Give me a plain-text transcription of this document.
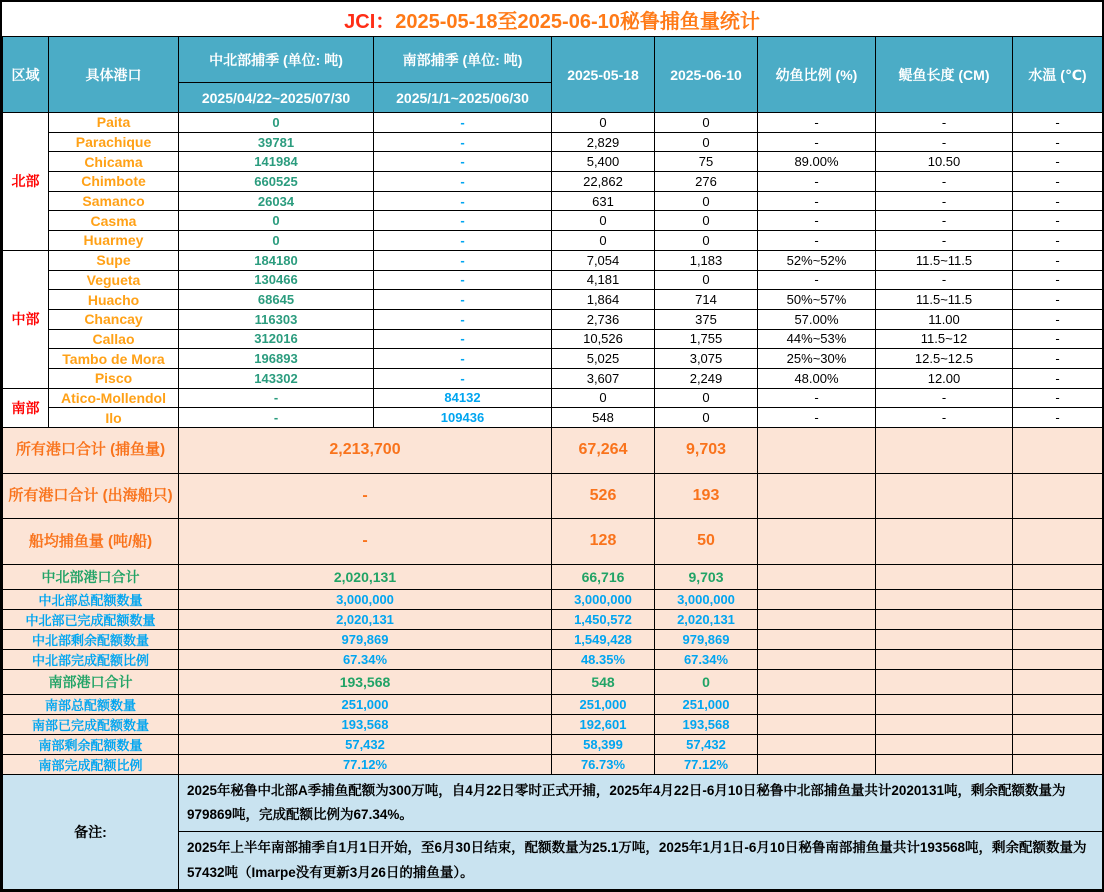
JCI： 2025-05-18至2025-06-10秘鲁捕鱼量统计
区域	具体港口	中北部捕季 (单位: 吨)	南部捕季 (单位: 吨)	2025-05-18	2025-06-10	幼鱼比例 (%)	鳀鱼长度 (CM)	水温 (℃)
		2025/04/22~2025/07/30	2025/1/1~2025/06/30					
北部	Paita	0	-	0	0	-	-	-
	Parachique	39781	-	2,829	0	-	-	-
	Chicama	141984	-	5,400	75	89.00%	10.50	-
	Chimbote	660525	-	22,862	276	-	-	-
	Samanco	26034	-	631	0	-	-	-
	Casma	0	-	0	0	-	-	-
	Huarmey	0	-	0	0	-	-	-
中部	Supe	184180	-	7,054	1,183	52%~52%	11.5~11.5	-
	Vegueta	130466	-	4,181	0	-	-	-
	Huacho	68645	-	1,864	714	50%~57%	11.5~11.5	-
	Chancay	116303	-	2,736	375	57.00%	11.00	-
	Callao	312016	-	10,526	1,755	44%~53%	11.5~12	-
	Tambo de Mora	196893	-	5,025	3,075	25%~30%	12.5~12.5	-
	Pisco	143302	-	3,607	2,249	48.00%	12.00	-
南部	Atico-Mollendol	-	84132	0	0	-	-	-
	Ilo	-	109436	548	0	-	-	-
所有港口合计 (捕鱼量)		2,213,700		67,264	9,703			
所有港口合计 (出海船只)		-		526	193			
船均捕鱼量 (吨/船)		-		128	50			
中北部港口合计		2,020,131		66,716	9,703			
中北部总配额数量		3,000,000		3,000,000	3,000,000			
中北部已完成配额数量		2,020,131		1,450,572	2,020,131			
中北部剩余配额数量		979,869		1,549,428	979,869			
中北部完成配额比例		67.34%		48.35%	67.34%			
南部港口合计		193,568		548	0			
南部总配额数量		251,000		251,000	251,000			
南部已完成配额数量		193,568		192,601	193,568			
南部剩余配额数量		57,432		58,399	57,432			
南部完成配额比例		77.12%		76.73%	77.12%			
备注:		2025年秘鲁中北部A季捕鱼配额为300万吨，自4月22日零时正式开捕，2025年4月22日-6月10日秘鲁中北部捕鱼量共计2020131吨，剩余配额数量为979869吨，完成配额比例为67.34%。						
		2025年上半年南部捕季自1月1日开始，至6月30日结束，配额数量为25.1万吨，2025年1月1日-6月10日秘鲁南部捕鱼量共计193568吨，剩余配额数量为57432吨（Imarpe没有更新3月26日的捕鱼量）。						
